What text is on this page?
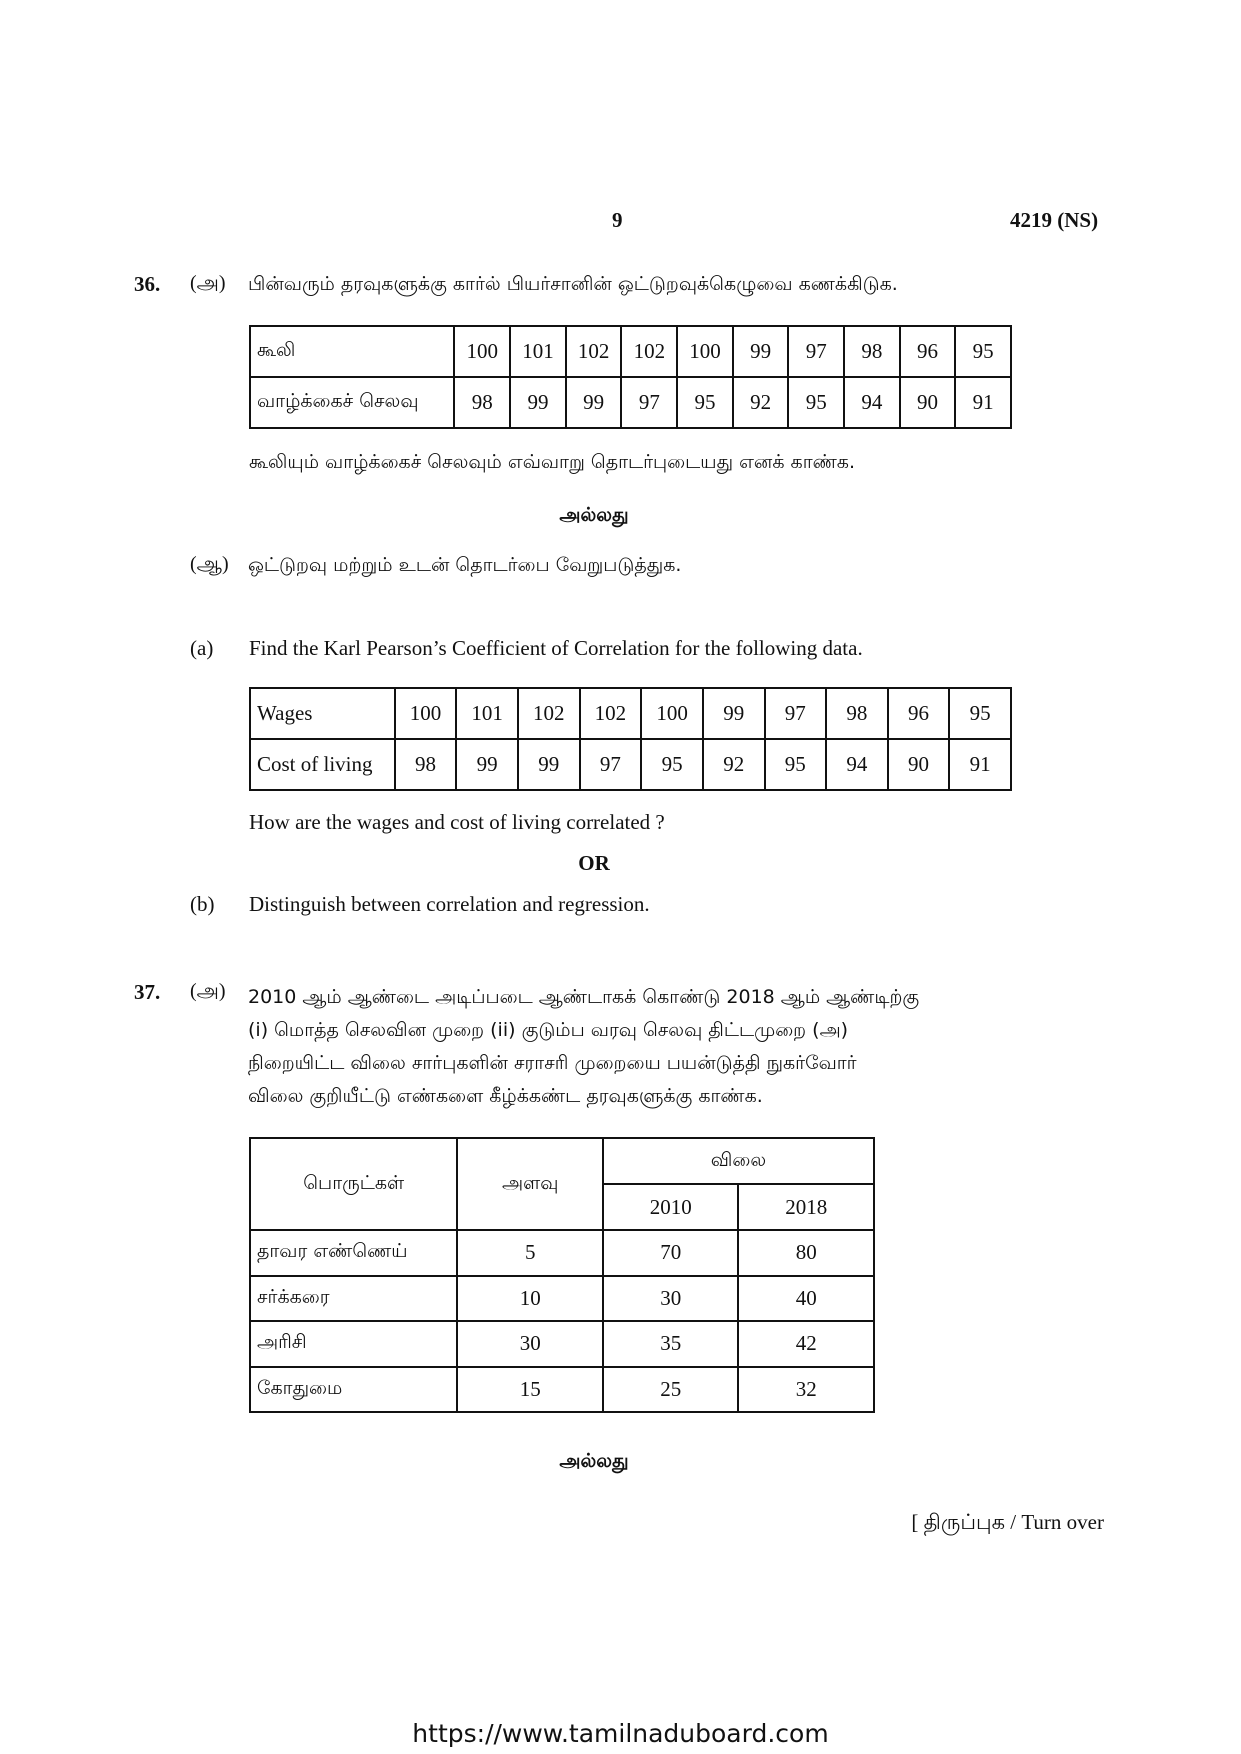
9	4219 (NS)
36. (அ) பின்வரும் தரவுகளுக்கு கார்ல் பியர்சானின் ஒட்டுறவுக்கெழுவை கணக்கிடுக.
கூலி	100	101	102	102	100	99	97	98	96	95
வாழ்க்கைச் செலவு	98	99	99	97	95	92	95	94	90	91
கூலியும் வாழ்க்கைச் செலவும் எவ்வாறு தொடர்புடையது எனக் காண்க.
அல்லது
(ஆ) ஒட்டுறவு மற்றும் உடன் தொடர்பை வேறுபடுத்துக.
(a) Find the Karl Pearson’s Coefficient of Correlation for the following data.
Wages	100	101	102	102	100	99	97	98	96	95
Cost of living	98	99	99	97	95	92	95	94	90	91
How are the wages and cost of living correlated ?
OR
(b) Distinguish between correlation and regression.
37. (அ) 2010 ஆம் ஆண்டை அடிப்படை ஆண்டாகக் கொண்டு 2018 ஆம் ஆண்டிற்கு
(i) மொத்த செலவின முறை (ii) குடும்ப வரவு செலவு திட்டமுறை (அ)
நிறையிட்ட விலை சார்புகளின் சராசரி முறையை பயன்டுத்தி நுகர்வோர்
விலை குறியீட்டு எண்களை கீழ்க்கண்ட தரவுகளுக்கு காண்க.
பொருட்கள்	அளவு	விலை	
		2010	2018
தாவர எண்ணெய்	5	70	80
சர்க்கரை	10	30	40
அரிசி	30	35	42
கோதுமை	15	25	32
அல்லது
[ திருப்புக / Turn over
https://www.tamilnaduboard.com
